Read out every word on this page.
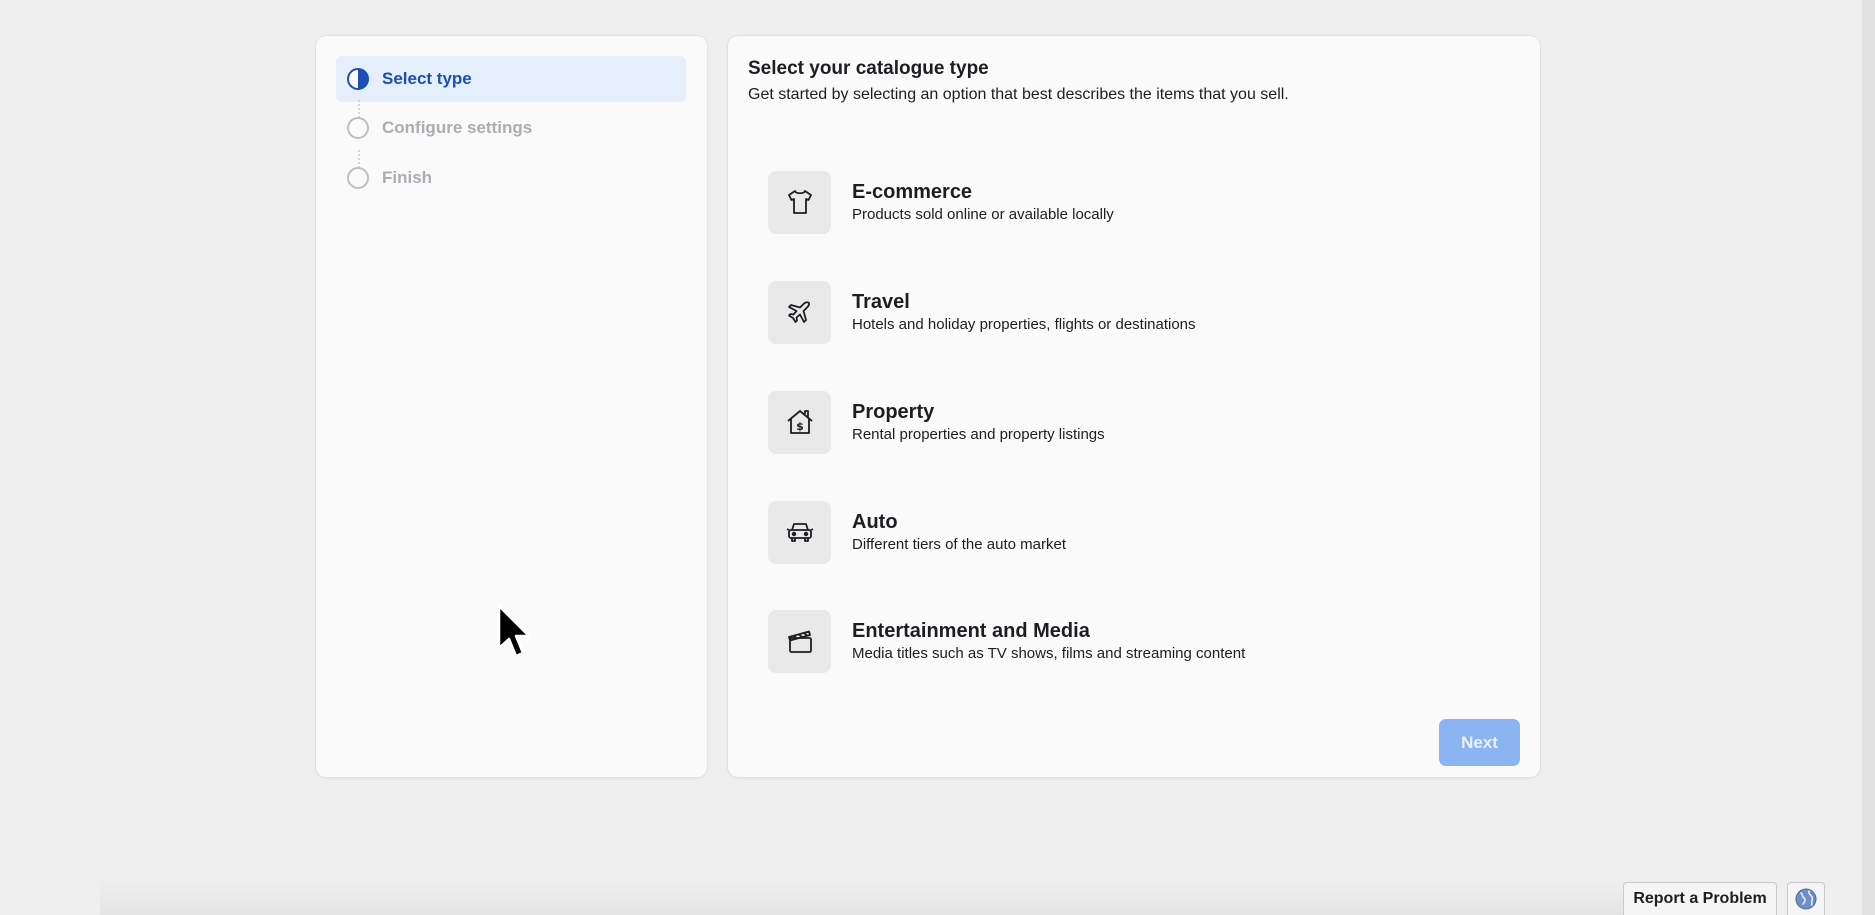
Select type
Configure settings
Finish
Select your catalogue type
Get started by selecting an option that best describes the items that you sell.
E-commerce
Products sold online or available locally
Travel
Hotels and holiday properties, flights or destinations
$
Property
Rental properties and property listings
Auto
Different tiers of the auto market
Entertainment and Media
Media titles such as TV shows, films and streaming content
Next
Report a Problem
